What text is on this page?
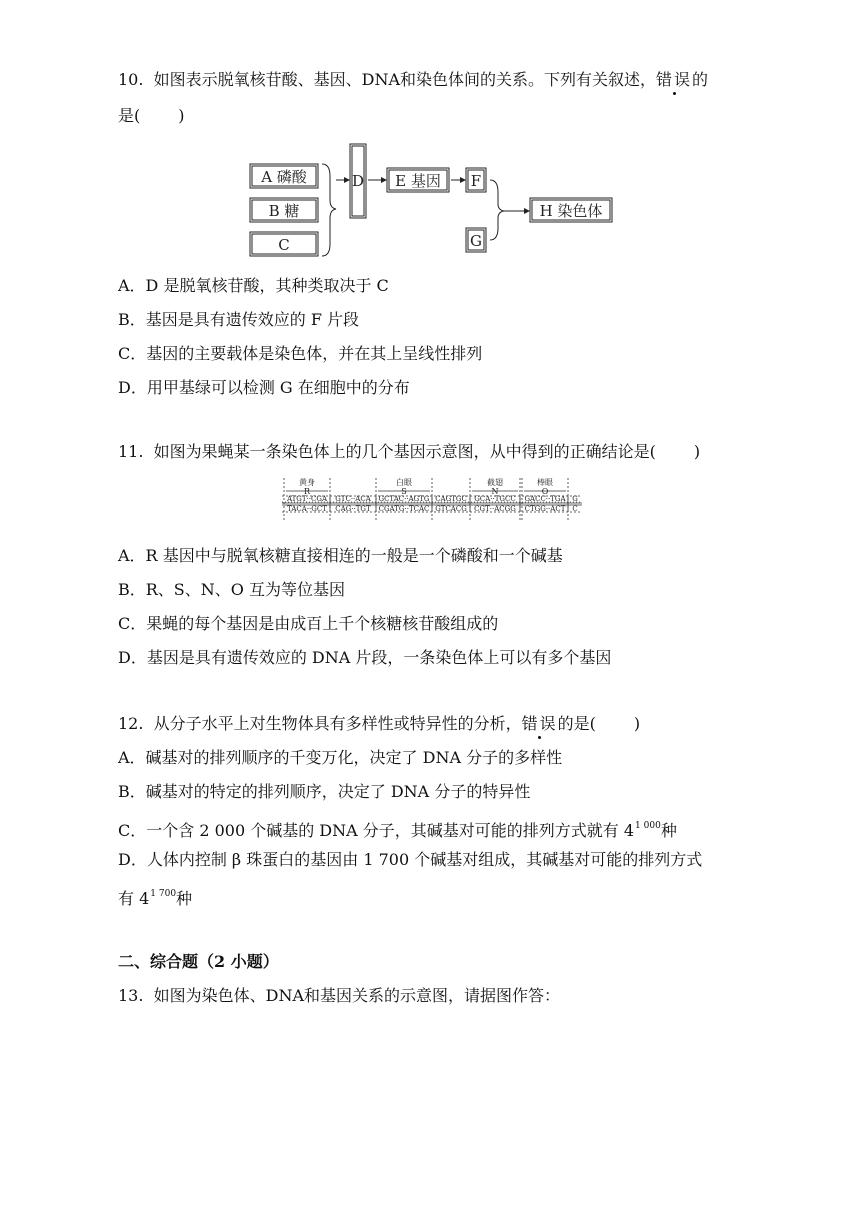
10. 如图表示脱氧核苷酸、基因、DNA和染色体间的关系。下列有关叙述，错误的
是( )
A 磷酸
B 糖
C
D E 基因 F
G
H 染色体
A．D 是脱氧核苷酸，其种类取决于 C
B．基因是具有遗传效应的 F 片段
C．基因的主要载体是染色体，并在其上呈线性排列
D．用甲基绿可以检测 G 在细胞中的分布
11. 如图为果蝇某一条染色体上的几个基因示意图，从中得到的正确结论是( )
黄身
R
白眼
S
截翅
N
棒眼
O
ATGT··CGA GTC··ACA GCTAC··AGTG CAGTGC GCA··TGCC GACC··TGA G
TACA··GCT CAG··TGT CGATG··TCAC GTCACG CGT··ACGG CTGG··ACT C
A．R 基因中与脱氧核糖直接相连的一般是一个磷酸和一个碱基
B．R、S、N、O 互为等位基因
C．果蝇的每个基因是由成百上千个核糖核苷酸组成的
D．基因是具有遗传效应的 DNA 片段，一条染色体上可以有多个基因
12. 从分子水平上对生物体具有多样性或特异性的分析，错误的是( )
A．碱基对的排列顺序的千变万化，决定了 DNA 分子的多样性
B．碱基对的特定的排列顺序，决定了 DNA 分子的特异性
C．一个含 2 000 个碱基的 DNA 分子，其碱基对可能的排列方式就有 $4^{1 000}$种
D．人体内控制 β 珠蛋白的基因由 1 700 个碱基对组成，其碱基对可能的排列方式
有 $4^{1 700}$种
二、综合题（2 小题）
13. 如图为染色体、DNA和基因关系的示意图，请据图作答：
